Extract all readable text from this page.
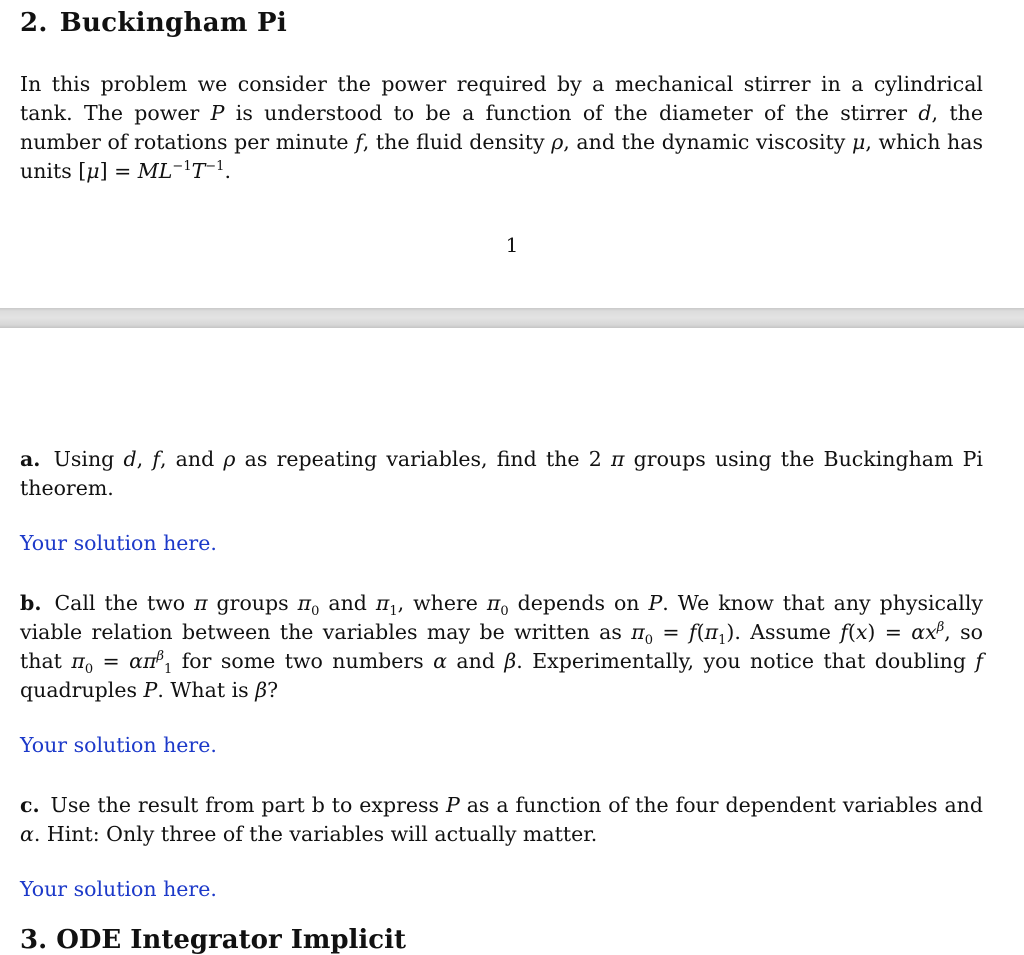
2. Buckingham Pi

In this problem we consider the power required by a mechanical stirrer in a cylindrical tank. The power P is understood to be a function of the diameter of the stirrer d, the number of rotations per minute f, the fluid density ρ, and the dynamic viscosity μ, which has units $[\mu] = ML^{-1}T^{-1}$.

1

a. Using d, f, and ρ as repeating variables, find the 2 π groups using the Buckingham Pi theorem.

Your solution here.

b. Call the two π groups $\pi_0$ and $\pi_1$, where $\pi_0$ depends on P. We know that any physically viable relation between the variables may be written as $\pi_0 = f(\pi_1)$. Assume $f(x) = \alpha x^\beta$, so that $\pi_0 = \alpha\pi^\beta_1$ for some two numbers α and β. Experimentally, you notice that doubling f quadruples P. What is β?

Your solution here.

c. Use the result from part b to express P as a function of the four dependent variables and α. Hint: Only three of the variables will actually matter.

Your solution here.
3. ODE Integrator Implicit
